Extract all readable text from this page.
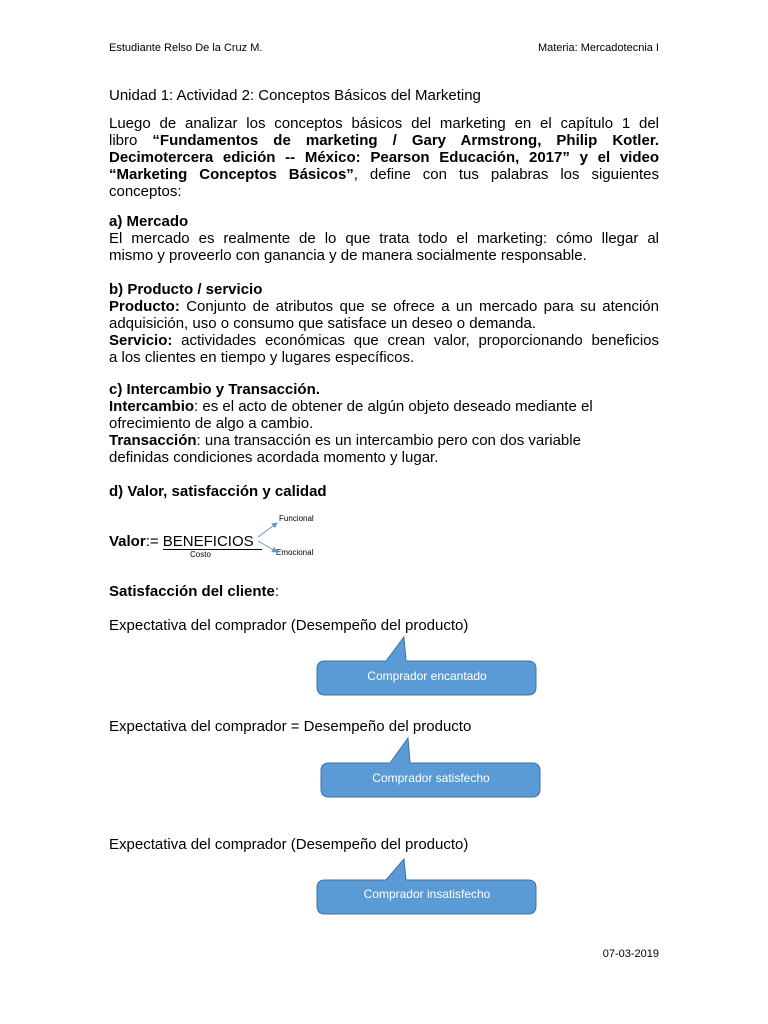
Estudiante Relso De la Cruz M.	Materia: Mercadotecnia I
Unidad 1: Actividad 2: Conceptos Básicos del Marketing
Luego de analizar los conceptos básicos del marketing en el capítulo 1 del
libro “Fundamentos de marketing / Gary Armstrong, Philip Kotler.
Decimotercera edición -- México: Pearson Educación, 2017” y el video
“Marketing Conceptos Básicos”, define con tus palabras los siguientes
conceptos:
a) Mercado
El mercado es realmente de lo que trata todo el marketing: cómo llegar al
mismo y proveerlo con ganancia y de manera socialmente responsable.
b) Producto / servicio
Producto: Conjunto de atributos que se ofrece a un mercado para su atención
adquisición, uso o consumo que satisface un deseo o demanda.
Servicio: actividades económicas que crean valor, proporcionando beneficios
a los clientes en tiempo y lugares específicos.
c) Intercambio y Transacción.
Intercambio: es el acto de obtener de algún objeto deseado mediante el
ofrecimiento de algo a cambio.
Transacción: una transacción es un intercambio pero con dos variable
definidas condiciones acordada momento y lugar.
d) Valor, satisfacción y calidad
Valor:= BENEFICIOS
Costo
Funcional
Emocional
Satisfacción del cliente:
Expectativa del comprador (Desempeño del producto)
Comprador encantado
Expectativa del comprador = Desempeño del producto
Comprador satisfecho
Expectativa del comprador (Desempeño del producto)
Comprador insatisfecho
07-03-2019
